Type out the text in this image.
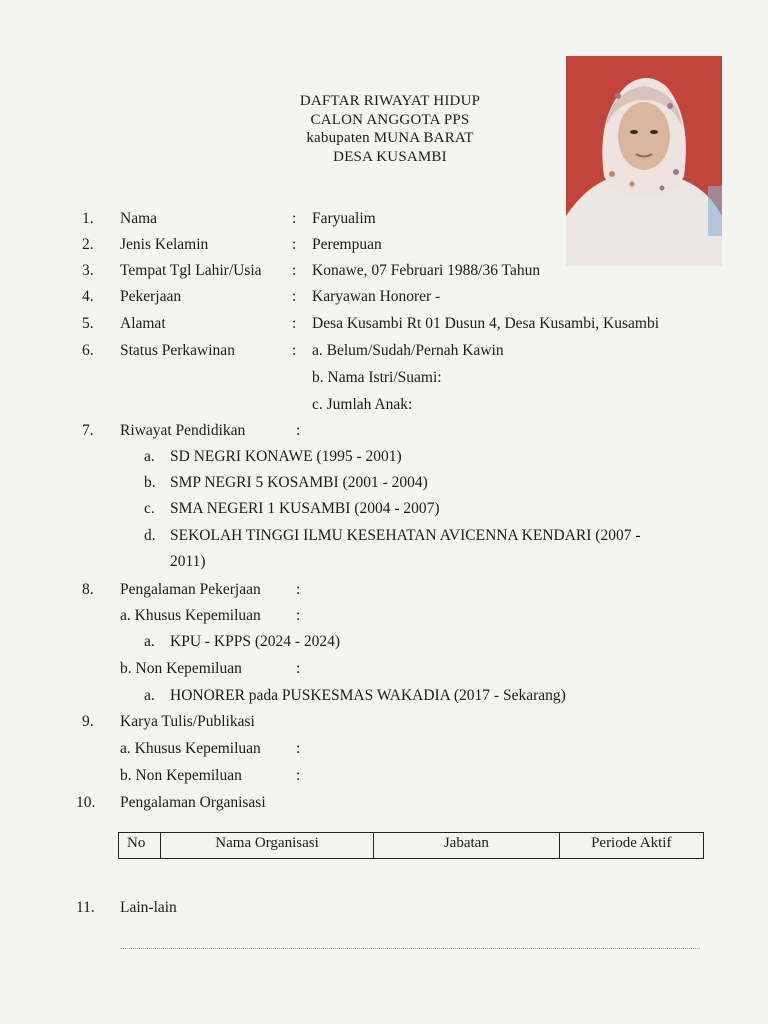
DAFTAR RIWAYAT HIDUP
CALON ANGGOTA PPS
kabupaten MUNA BARAT
DESA KUSAMBI
1. Nama	: Faryualim
2. Jenis Kelamin	: Perempuan
3. Tempat Tgl Lahir/Usia : Konawe, 07 Februari 1988/36 Tahun
4. Pekerjaan	: Karyawan Honorer -
5. Alamat	: Desa Kusambi Rt 01 Dusun 4, Desa Kusambi, Kusambi
6. Status Perkawinan	: a. Belum/Sudah/Pernah Kawin
b. Nama Istri/Suami:
c. Jumlah Anak:
7. Riwayat Pendidikan	:
a. SD NEGRI KONAWE (1995 - 2001)
b. SMP NEGRI 5 KOSAMBI (2001 - 2004)
c. SMA NEGERI 1 KUSAMBI (2004 - 2007)
d. SEKOLAH TINGGI ILMU KESEHATAN AVICENNA KENDARI (2007 -
2011)
8. Pengalaman Pekerjaan :
a. Khusus Kepemiluan :
a. KPU - KPPS (2024 - 2024)
b. Non Kepemiluan	:
a. HONORER pada PUSKESMAS WAKADIA (2017 - Sekarang)
9. Karya Tulis/Publikasi
a. Khusus Kepemiluan :
b. Non Kepemiluan	:
10. Pengalaman Organisasi
No	Nama Organisasi	Jabatan	Periode Aktif
11. Lain-lain
